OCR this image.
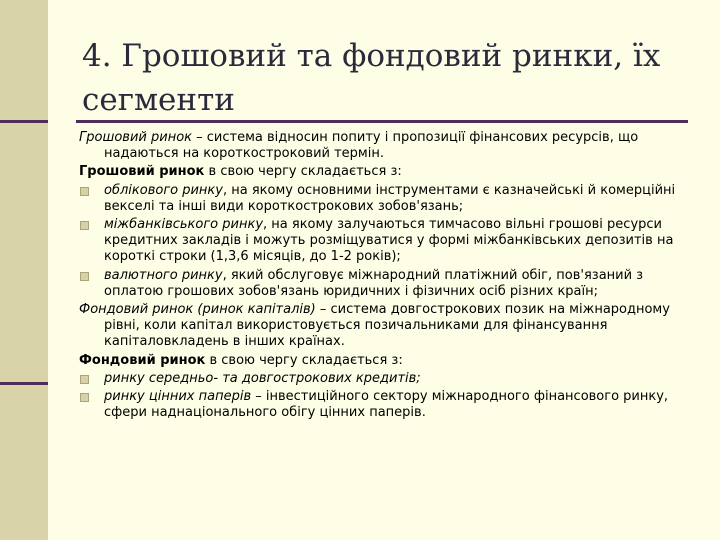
4. Грошовий та фондовий ринки, їх сегменти

Грошовий ринок – система відносин попиту і пропозиції фінансових ресурсів, що надаються на короткостроковий термін.

Грошовий ринок в свою чергу складається з:

облікового ринку, на якому основними інструментами є казначейські й комерційні векселі та інші види короткострокових зобов'язань;
міжбанківського ринку, на якому залучаються тимчасово вільні грошові ресурси кредитних закладів і можуть розміщуватися у формі міжбанківських депозитів на короткі строки (1,3,6 місяців, до 1-2 років);
валютного ринку, який обслуговує міжнародний платіжний обіг, пов'язаний з оплатою грошових зобов'язань юридичних і фізичних осіб різних країн;

Фондовий ринок (ринок капіталів) – система довгострокових позик на міжнародному рівні, коли капітал використовується позичальниками для фінансування капіталовкладень в інших країнах.

Фондовий ринок в свою чергу складається з:

ринку середньо- та довгострокових кредитів;
ринку цінних паперів – інвестиційного сектору міжнародного фінансового ринку, сфери наднаціонального обігу цінних паперів.
